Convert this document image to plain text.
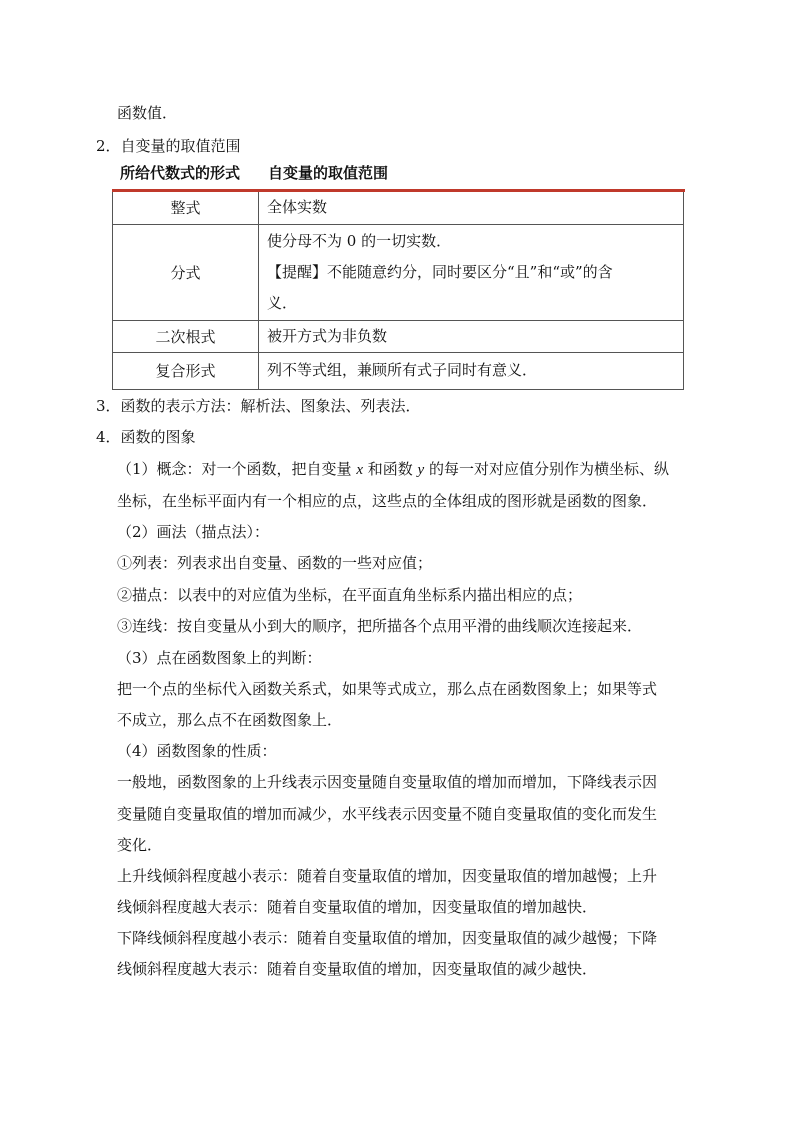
函数值．
2．自变量的取值范围
所给代数式的形式 自变量的取值范围
整式	全体实数

分式	使分母不为 0 的一切实数．
【提醒】不能随意约分，同时要区分“且”和“或”的含
义．

二次根式	被开方式为非负数

复合形式	列不等式组，兼顾所有式子同时有意义．
3．函数的表示方法：解析法、图象法、列表法．
4．函数的图象
（1）概念：对一个函数，把自变量 x 和函数 y 的每一对对应值分别作为横坐标、纵
坐标，在坐标平面内有一个相应的点，这些点的全体组成的图形就是函数的图象．
（2）画法（描点法）：
①列表：列表求出自变量、函数的一些对应值；
②描点：以表中的对应值为坐标，在平面直角坐标系内描出相应的点；
③连线：按自变量从小到大的顺序，把所描各个点用平滑的曲线顺次连接起来．
（3）点在函数图象上的判断：
把一个点的坐标代入函数关系式，如果等式成立，那么点在函数图象上；如果等式
不成立，那么点不在函数图象上．
（4）函数图象的性质：
一般地，函数图象的上升线表示因变量随自变量取值的增加而增加，下降线表示因
变量随自变量取值的增加而减少，水平线表示因变量不随自变量取值的变化而发生
变化．
上升线倾斜程度越小表示：随着自变量取值的增加，因变量取值的增加越慢；上升
线倾斜程度越大表示：随着自变量取值的增加，因变量取值的增加越快．
下降线倾斜程度越小表示：随着自变量取值的增加，因变量取值的减少越慢；下降
线倾斜程度越大表示：随着自变量取值的增加，因变量取值的减少越快．
